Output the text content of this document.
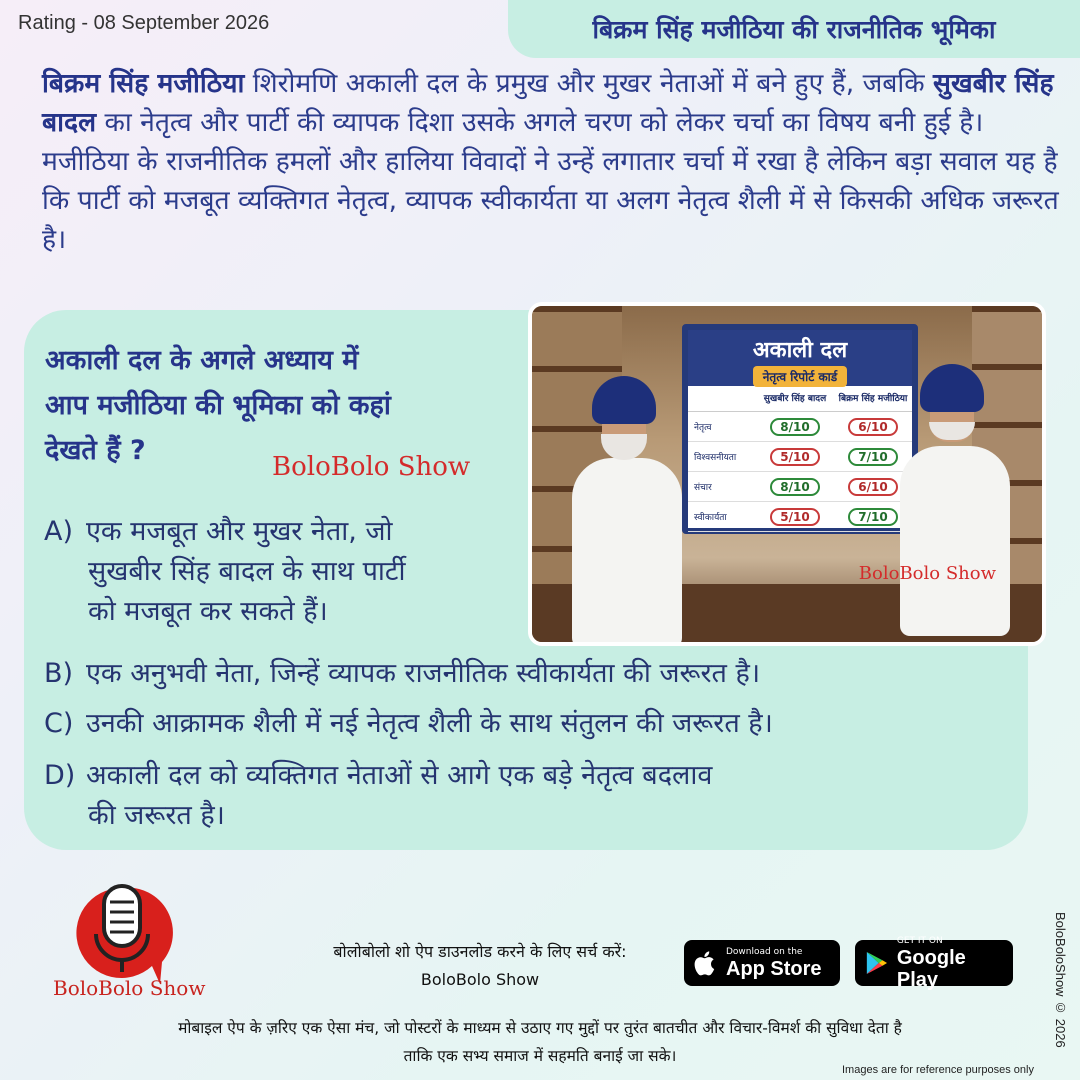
Rating - 08 September 2026	बिक्रम सिंह मजीठिया की राजनीतिक भूमिका
बिक्रम सिंह मजीठिया शिरोमणि अकाली दल के प्रमुख और मुखर नेताओं में बने हुए हैं, जबकि सुखबीर सिंह बादल का नेतृत्व और पार्टी की व्यापक दिशा उसके अगले चरण को लेकर चर्चा का विषय बनी हुई है। मजीठिया के राजनीतिक हमलों और हालिया विवादों ने उन्हें लगातार चर्चा में रखा है लेकिन बड़ा सवाल यह है कि पार्टी को मजबूत व्यक्तिगत नेतृत्व, व्यापक स्वीकार्यता या अलग नेतृत्व शैली में से किसकी अधिक जरूरत है।
अकाली दल के अगले अध्याय में
आप मजीठिया की भूमिका को कहां
देखते हैं ?
BoloBolo Show
A) एक मजबूत और मुखर नेता, जो
सुखबीर सिंह बादल के साथ पार्टी
को मजबूत कर सकते हैं।
B) एक अनुभवी नेता, जिन्हें व्यापक राजनीतिक स्वीकार्यता की जरूरत है।
C) उनकी आक्रामक शैली में नई नेतृत्व शैली के साथ संतुलन की जरूरत है।
D) अकाली दल को व्यक्तिगत नेताओं से आगे एक बड़े नेतृत्व बदलाव
की जरूरत है।
अकाली दल
नेतृत्व रिपोर्ट कार्ड
सुखबीर सिंह बादल	बिक्रम सिंह मजीठिया
नेतृत्व	8/10	6/10
विश्वसनीयता	5/10	7/10
संचार	8/10	6/10
स्वीकार्यता	5/10	7/10
BoloBolo Show
BoloBolo Show
बोलोबोलो शो ऐप डाउनलोड करने के लिए सर्च करें:
BoloBolo Show
Download on the
App Store
GET IT ON
Google Play
मोबाइल ऐप के ज़रिए एक ऐसा मंच, जो पोस्टरों के माध्यम से उठाए गए मुद्दों पर तुरंत बातचीत और विचार-विमर्श की सुविधा देता है
ताकि एक सभ्य समाज में सहमति बनाई जा सके।
BoloBoloShow © 2026
Images are for reference purposes only
